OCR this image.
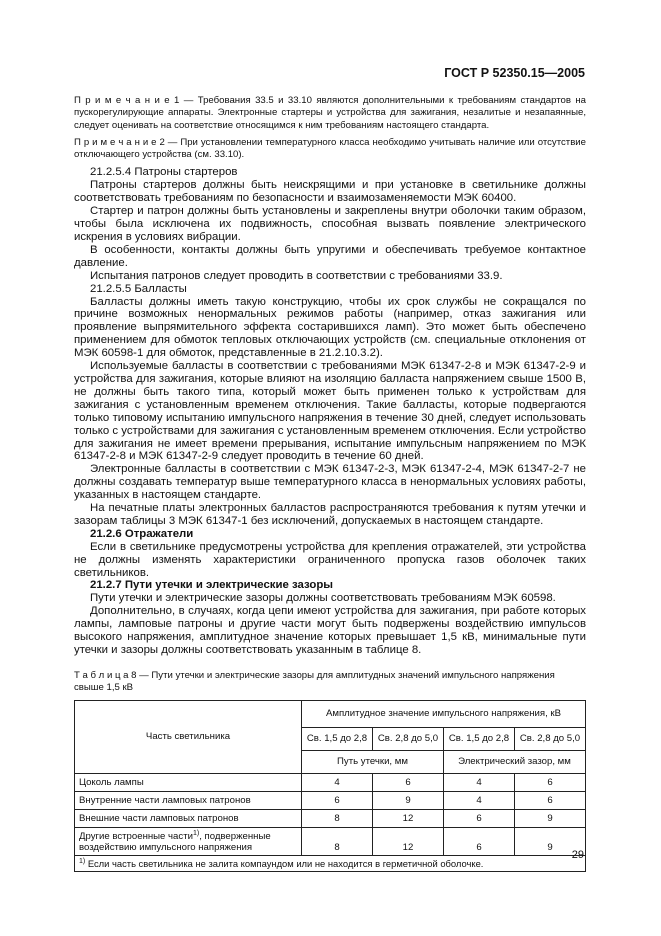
ГОСТ Р 52350.15—2005

П р и м е ч а н и е 1 — Требования 33.5 и 33.10 являются дополнительными к требованиям стандартов на пускорегулирующие аппараты. Электронные стартеры и устройства для зажигания, незалитые и незапаянные, следует оценивать на соответствие относящимся к ним требованиям настоящего стандарта.

П р и м е ч а н и е 2 — При установлении температурного класса необходимо учитывать наличие или отсутствие отключающего устройства (см. 33.10).

21.2.5.4 Патроны стартеров

Патроны стартеров должны быть неискрящими и при установке в светильнике должны соответствовать требованиям по безопасности и взаимозаменяемости МЭК 60400.

Стартер и патрон должны быть установлены и закреплены внутри оболочки таким образом, чтобы была исключена их подвижность, способная вызвать появление электрического искрения в условиях вибрации.

В особенности, контакты должны быть упругими и обеспечивать требуемое контактное давление.

Испытания патронов следует проводить в соответствии с требованиями 33.9.

21.2.5.5 Балласты

Балласты должны иметь такую конструкцию, чтобы их срок службы не сокращался по причине возможных ненормальных режимов работы (например, отказ зажигания или проявление выпрямительного эффекта состарившихся ламп). Это может быть обеспечено применением для обмоток тепловых отключающих устройств (см. специальные отклонения от МЭК 60598-1 для обмоток, представленные в 21.2.10.3.2).

Используемые балласты в соответствии с требованиями МЭК 61347-2-8 и МЭК 61347-2-9 и устройства для зажигания, которые влияют на изоляцию балласта напряжением свыше 1500 В, не должны быть такого типа, который может быть применен только к устройствам для зажигания с установленным временем отключения. Такие балласты, которые подвергаются только типовому испытанию импульсного напряжения в течение 30 дней, следует использовать только с устройствами для зажигания с установленным временем отключения. Если устройство для зажигания не имеет времени прерывания, испытание импульсным напряжением по МЭК 61347-2-8 и МЭК 61347-2-9 следует проводить в течение 60 дней.

Электронные балласты в соответствии с МЭК 61347-2-3, МЭК 61347-2-4, МЭК 61347-2-7 не должны создавать температур выше температурного класса в ненормальных условиях работы, указанных в настоящем стандарте.

На печатные платы электронных балластов распространяются требования к путям утечки и зазорам таблицы 3 МЭК 61347-1 без исключений, допускаемых в настоящем стандарте.

21.2.6 Отражатели

Если в светильнике предусмотрены устройства для крепления отражателей, эти устройства не должны изменять характеристики ограниченного пропуска газов оболочек таких светильников.

21.2.7 Пути утечки и электрические зазоры

Пути утечки и электрические зазоры должны соответствовать требованиям МЭК 60598.

Дополнительно, в случаях, когда цепи имеют устройства для зажигания, при работе которых лампы, ламповые патроны и другие части могут быть подвержены воздействию импульсов высокого напряжения, амплитудное значение которых превышает 1,5 кВ, минимальные пути утечки и зазоры должны соответствовать указанным в таблице 8.

Т а б л и ц а 8 — Пути утечки и электрические зазоры для амплитудных значений импульсного напряжения свыше 1,5 кВ
Часть светильника	Амплитудное значение импульсного напряжения, кВ			
	Св. 1,5 до 2,8	Св. 2,8 до 5,0	Св. 1,5 до 2,8	Св. 2,8 до 5,0
	Путь утечки, мм		Электрический зазор, мм	
Цоколь лампы	4	6	4	6
Внутренние части ламповых патронов	6	9	4	6
Внешние части ламповых патронов	8	12	6	9
Другие встроенные части$^{1)}$, подверженные воздействию импульсного напряжения	8	12	6	9
$^{1)}$ Если часть светильника не залита компаундом или не находится в герметичной оболочке.				
29
